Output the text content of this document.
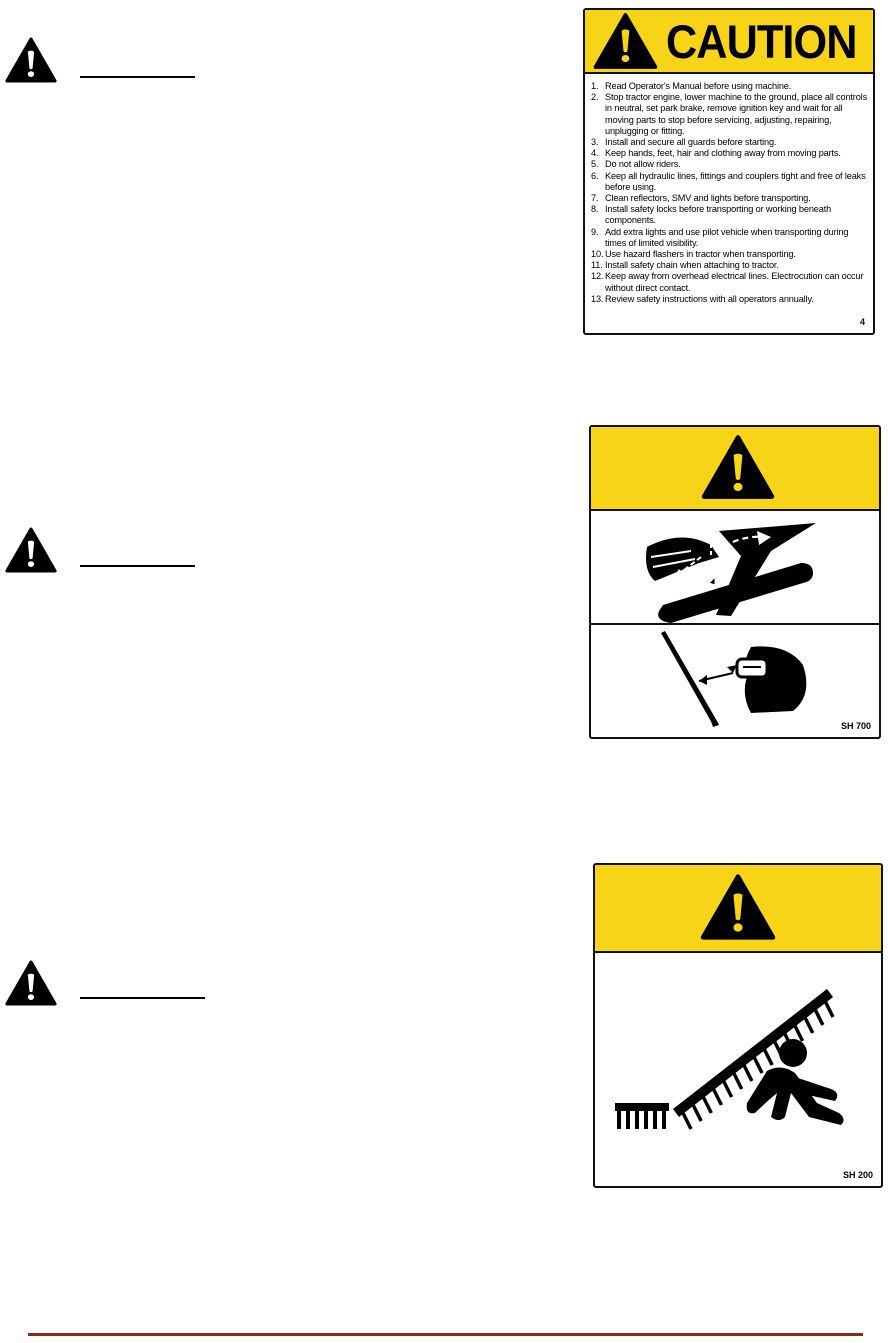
CAUTION
1. Read Operator's Manual before using machine.
2. Stop tractor engine, lower machine to the ground, place all controls in neutral, set park brake, remove ignition key and wait for all moving parts to stop before servicing, adjusting, repairing, unplugging or fitting.
3. Install and secure all guards before starting.
4. Keep hands, feet, hair and clothing away from moving parts.
5. Do not allow riders.
6. Keep all hydraulic lines, fittings and couplers tight and free of leaks before using.
7. Clean reflectors, SMV and lights before transporting.
8. Install safety locks before transporting or working beneath components.
9. Add extra lights and use pilot vehicle when transporting during times of limited visibility.
10. Use hazard flashers in tractor when transporting.
11. Install safety chain when attaching to tractor.
12. Keep away from overhead electrical lines. Electrocution can occur without direct contact.
13. Review safety instructions with all operators annually.
4
SH 700
SH 200
